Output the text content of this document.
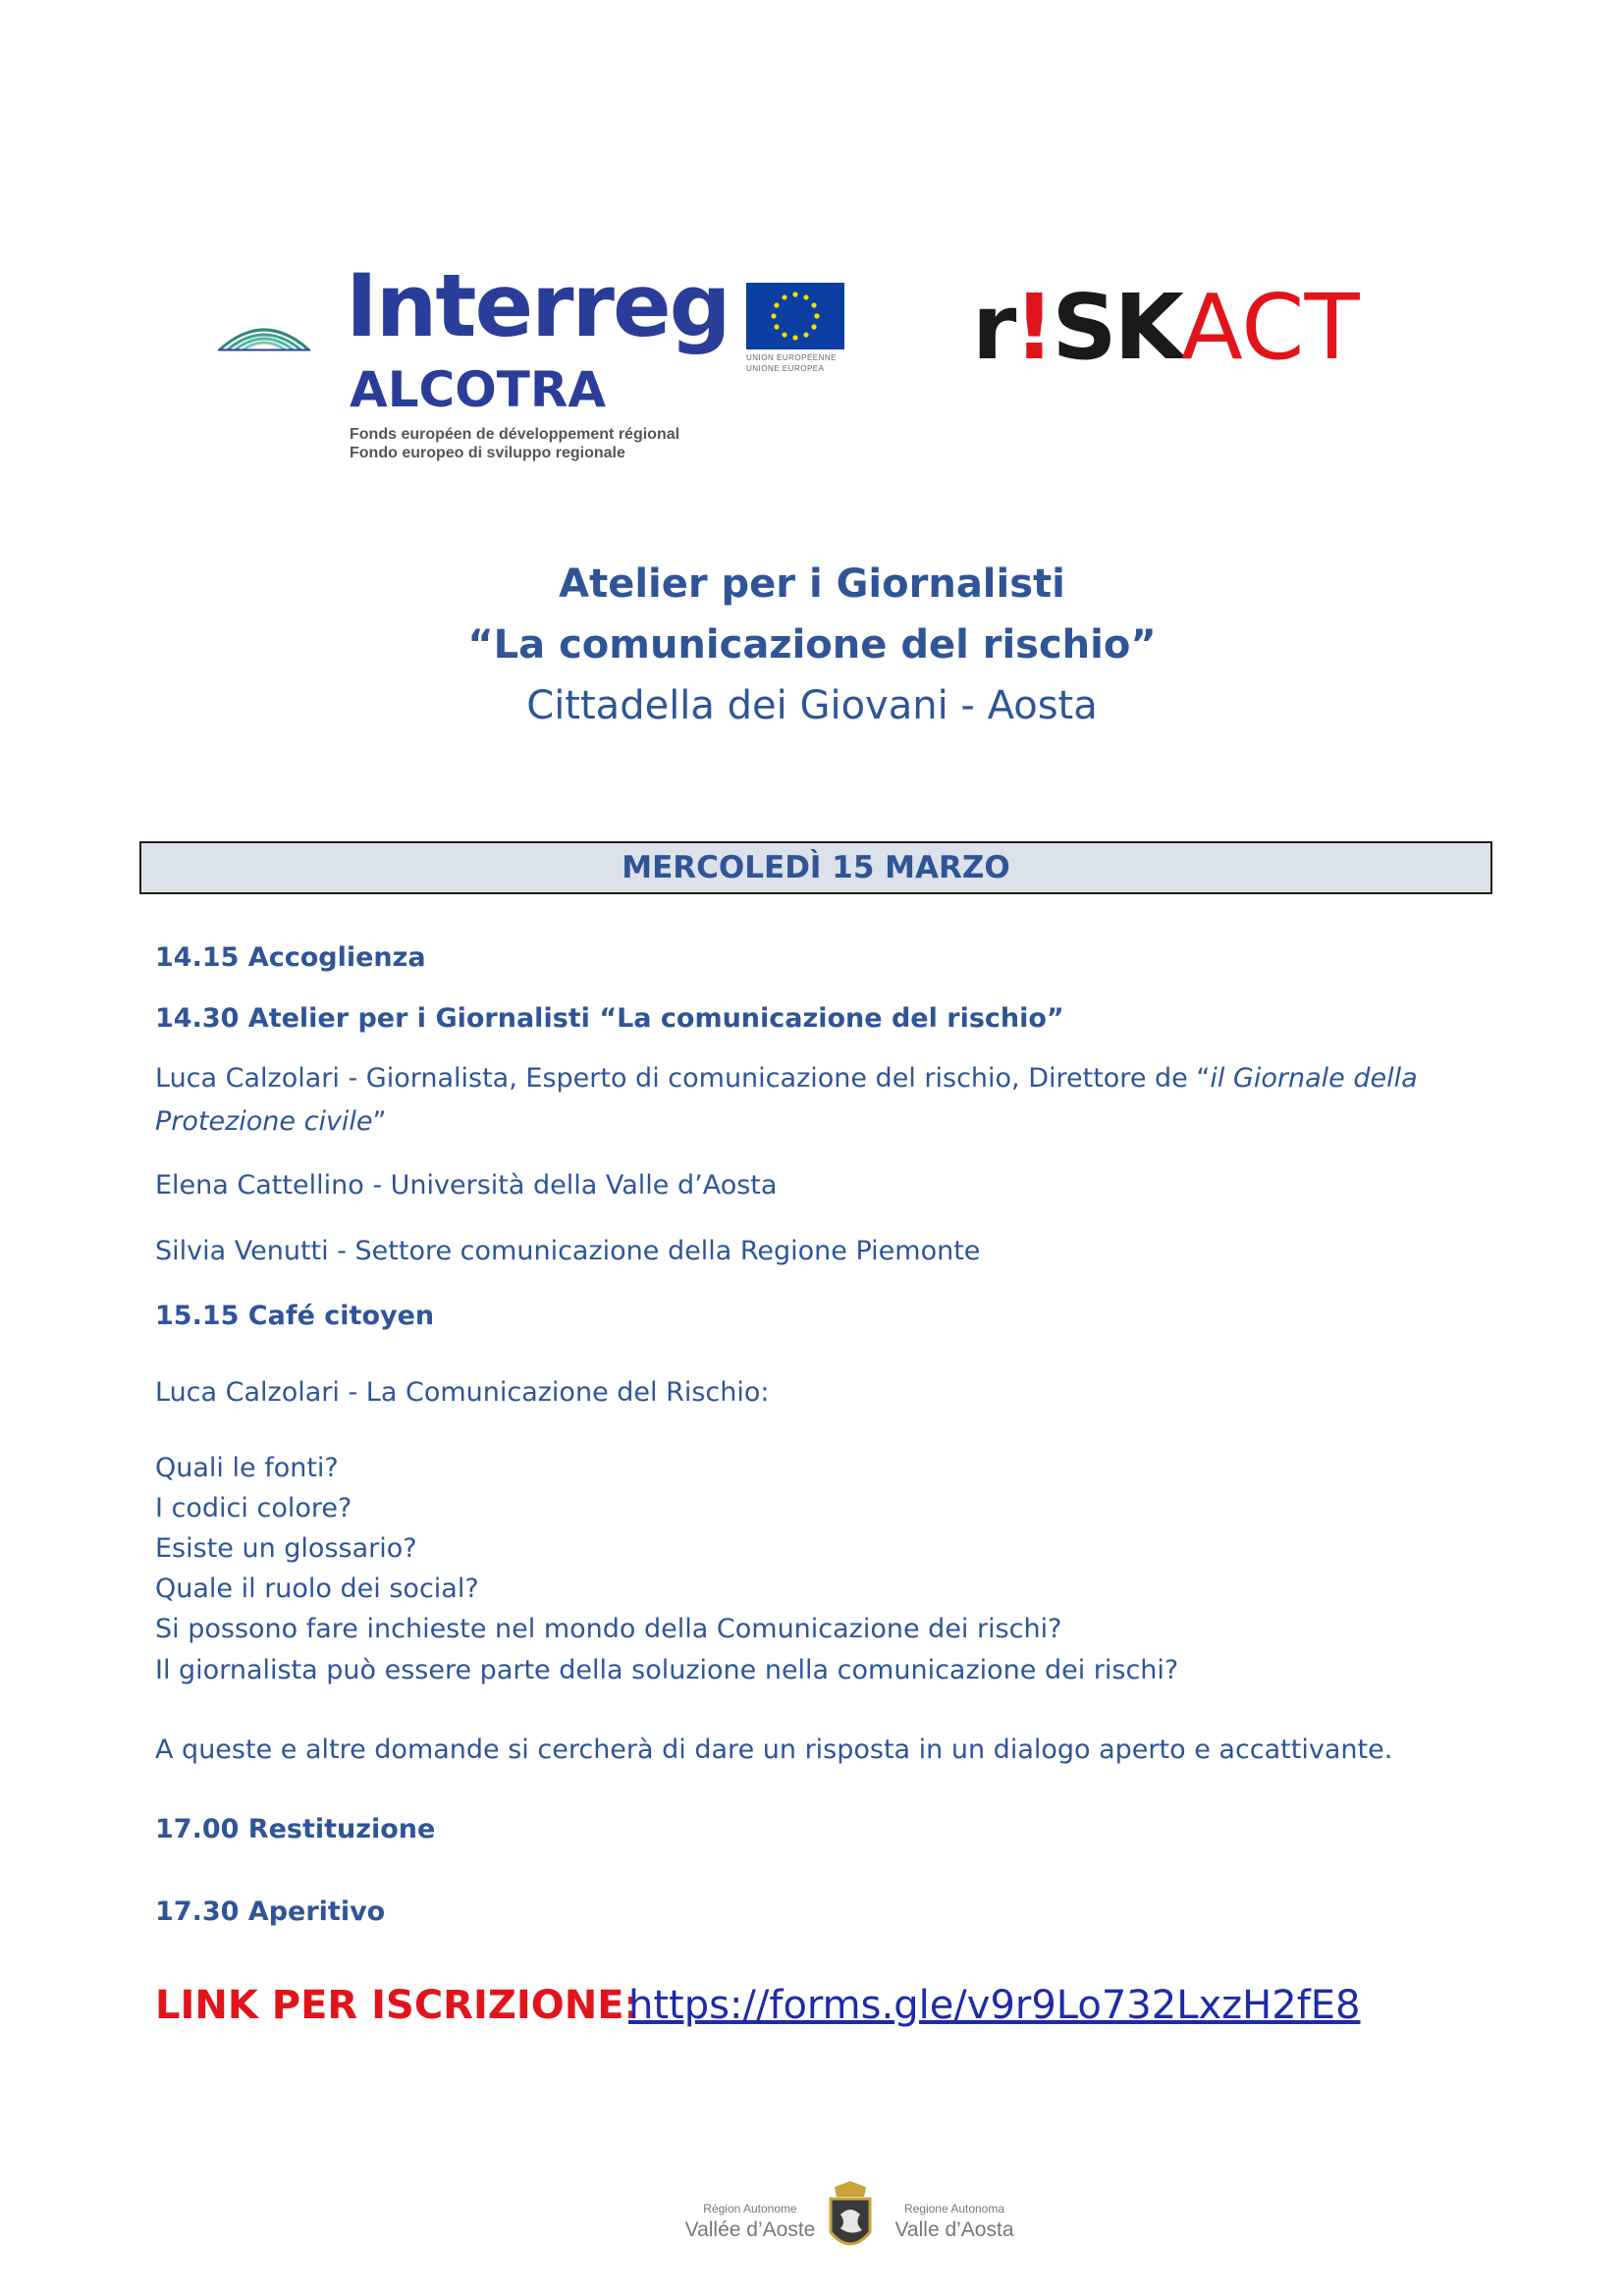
Interreg
ALCOTRA
Fonds européen de développement régional
Fondo europeo di sviluppo regionale
UNION EUROPÉENNE
UNIONE EUROPEA r!SKACT
Atelier per i Giornalisti
“La comunicazione del rischio”
Cittadella dei Giovani - Aosta
MERCOLEDÌ 15 MARZO
14.15 Accoglienza
14.30 Atelier per i Giornalisti “La comunicazione del rischio”
Luca Calzolari - Giornalista, Esperto di comunicazione del rischio, Direttore de “il Giornale della
Protezione civile”
Elena Cattellino - Università della Valle d’Aosta
Silvia Venutti - Settore comunicazione della Regione Piemonte
15.15 Café citoyen
Luca Calzolari - La Comunicazione del Rischio:
Quali le fonti?
I codici colore?
Esiste un glossario?
Quale il ruolo dei social?
Si possono fare inchieste nel mondo della Comunicazione dei rischi?
Il giornalista può essere parte della soluzione nella comunicazione dei rischi?
A queste e altre domande si cercherà di dare un risposta in un dialogo aperto e accattivante.
17.00 Restituzione
17.30 Aperitivo
LINK PER ISCRIZIONE:
https://forms.gle/v9r9Lo732LxzH2fE8
Région Autonome
Vallée d’Aoste
Regione Autonoma
Valle d’Aosta
